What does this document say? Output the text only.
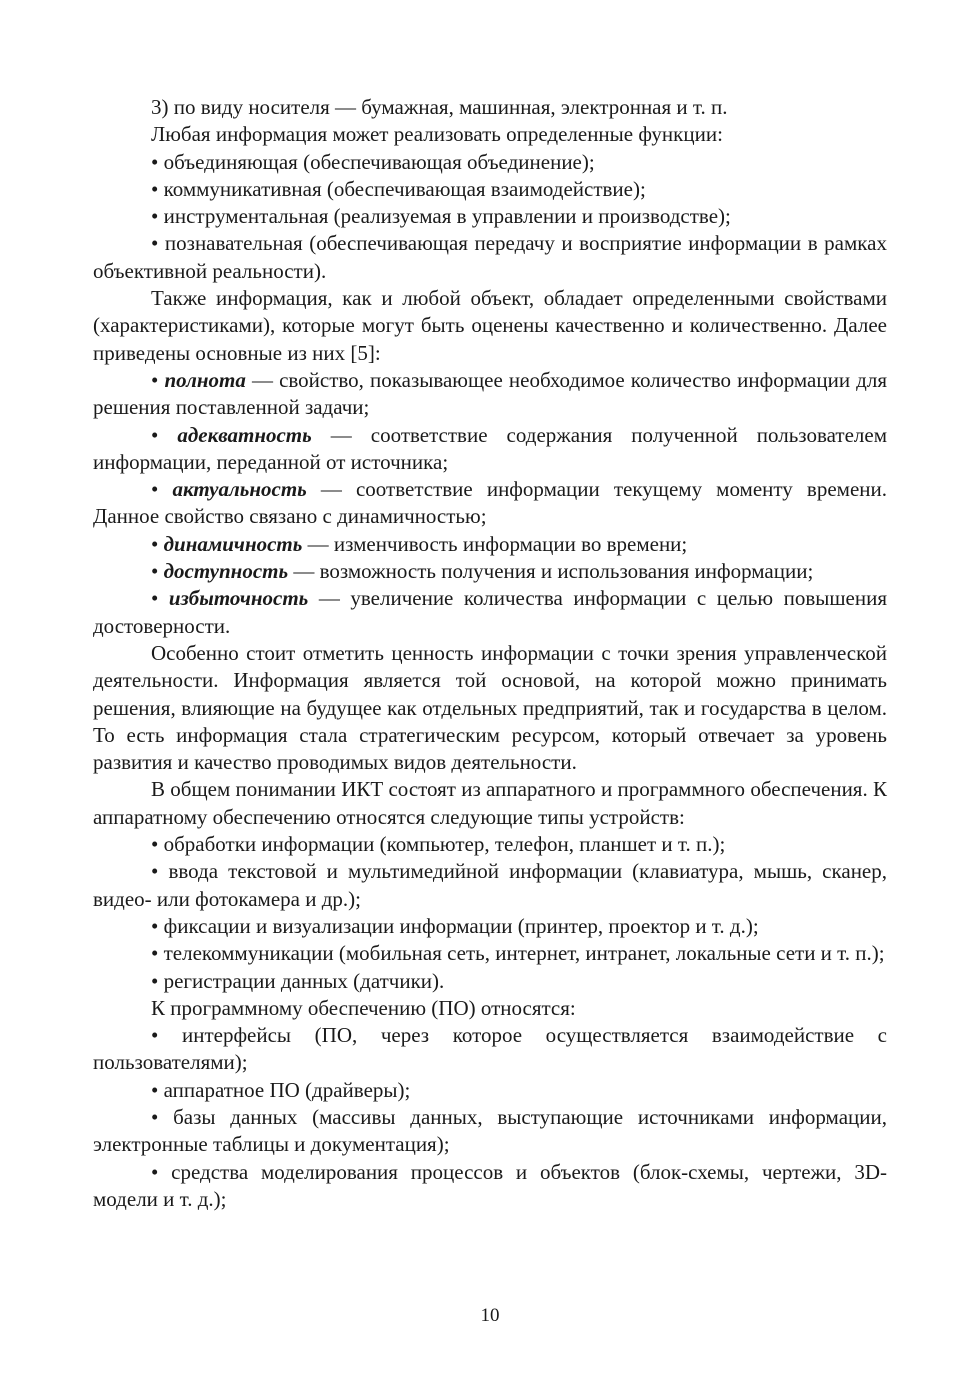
3) по виду носителя — бумажная, машинная, электронная и т. п.

Любая информация может реализовать определенные функции:

• объединяющая (обеспечивающая объединение);

• коммуникативная (обеспечивающая взаимодействие);

• инструментальная (реализуемая в управлении и производстве);

• познавательная (обеспечивающая передачу и восприятие информации в рамках объективной реальности).

Также информация, как и любой объект, обладает определенными свойствами (характеристиками), которые могут быть оценены качественно и количественно. Далее приведены основные из них [5]:

• полнота — свойство, показывающее необходимое количество информации для решения поставленной задачи;

• адекватность — соответствие содержания полученной пользователем информации, переданной от источника;

• актуальность — соответствие информации текущему моменту времени. Данное свойство связано с динамичностью;

• динамичность — изменчивость информации во времени;

• доступность — возможность получения и использования информации;

• избыточность — увеличение количества информации с целью повышения достоверности.

Особенно стоит отметить ценность информации с точки зрения управленческой деятельности. Информация является той основой, на которой можно принимать решения, влияющие на будущее как отдельных предприятий, так и государства в целом. То есть информация стала стратегическим ресурсом, который отвечает за уровень развития и качество проводимых видов деятельности.

В общем понимании ИКТ состоят из аппаратного и программного обеспечения. К аппаратному обеспечению относятся следующие типы устройств:

• обработки информации (компьютер, телефон, планшет и т. п.);

• ввода текстовой и мультимедийной информации (клавиатура, мышь, сканер, видео- или фотокамера и др.);

• фиксации и визуализации информации (принтер, проектор и т. д.);

• телекоммуникации (мобильная сеть, интернет, интранет, локальные сети и т. п.);

• регистрации данных (датчики).

К программному обеспечению (ПО) относятся:

• интерфейсы (ПО, через которое осуществляется взаимодействие с пользователями);

• аппаратное ПО (драйверы);

• базы данных (массивы данных, выступающие источниками информации, электронные таблицы и документация);

• средства моделирования процессов и объектов (блок-схемы, чертежи, 3D-модели и т. д.);

10
